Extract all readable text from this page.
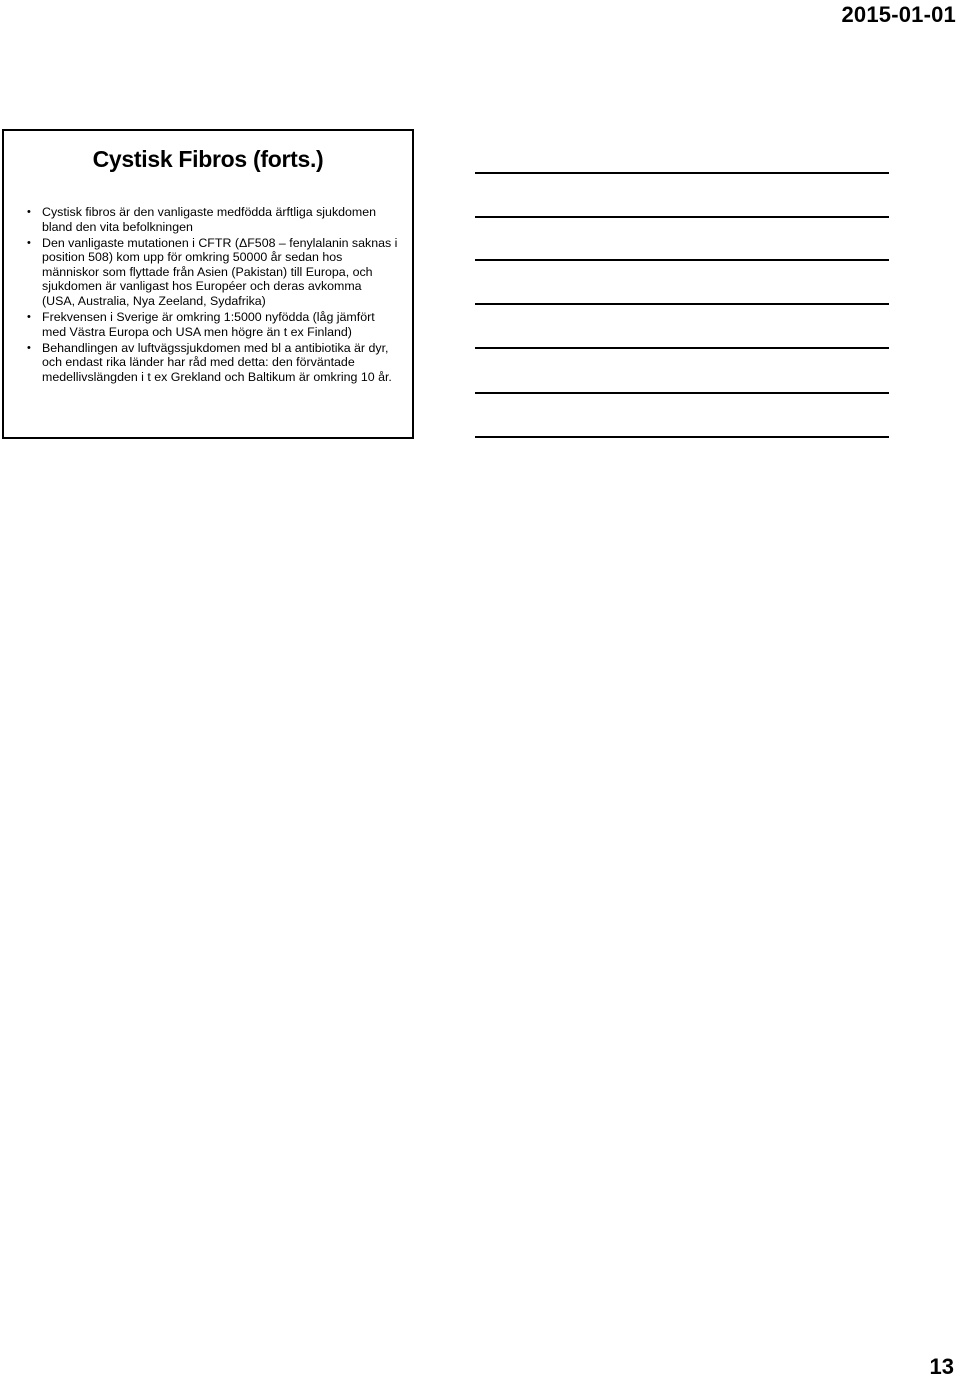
2015-01-01
Cystisk Fibros (forts.)
• Cystisk fibros är den vanligaste medfödda ärftliga sjukdomen bland den vita befolkningen
• Den vanligaste mutationen i CFTR (ΔF508 – fenylalanin saknas i position 508) kom upp för omkring 50000 år sedan hos människor som flyttade från Asien (Pakistan) till Europa, och sjukdomen är vanligast hos Européer och deras avkomma (USA, Australia, Nya Zeeland, Sydafrika)
• Frekvensen i Sverige är omkring 1:5000 nyfödda (låg jämfört med Västra Europa och USA men högre än t ex Finland)
• Behandlingen av luftvägssjukdomen med bl a antibiotika är dyr, och endast rika länder har råd med detta: den förväntade medellivslängden i t ex Grekland och Baltikum är omkring 10 år.
13
